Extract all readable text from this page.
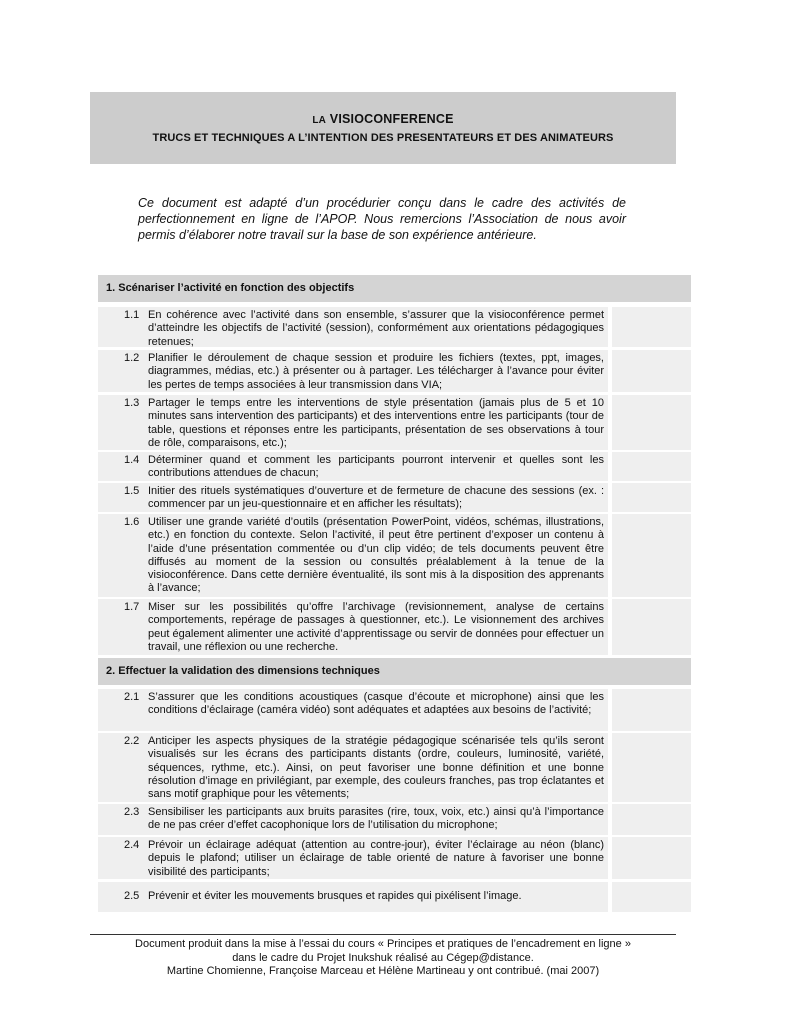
LA VISIOCONFERENCE
TRUCS ET TECHNIQUES A L’INTENTION DES PRESENTATEURS ET DES ANIMATEURS
Ce document est adapté d’un procédurier conçu dans le cadre des activités de perfectionnement en ligne de l’APOP. Nous remercions l’Association de nous avoir permis d’élaborer notre travail sur la base de son expérience antérieure.
1. Scénariser l’activité en fonction des objectifs
1.1 En cohérence avec l’activité dans son ensemble, s’assurer que la visioconférence permet d’atteindre les objectifs de l’activité (session), conformément aux orientations pédagogiques retenues;
1.2 Planifier le déroulement de chaque session et produire les fichiers (textes, ppt, images, diagrammes, médias, etc.) à présenter ou à partager. Les télécharger à l’avance pour éviter les pertes de temps associées à leur transmission dans VIA;
1.3 Partager le temps entre les interventions de style présentation (jamais plus de 5 et 10 minutes sans intervention des participants) et des interventions entre les participants (tour de table, questions et réponses entre les participants, présentation de ses observations à tour de rôle, comparaisons, etc.);
1.4 Déterminer quand et comment les participants pourront intervenir et quelles sont les contributions attendues de chacun;
1.5 Initier des rituels systématiques d’ouverture et de fermeture de chacune des sessions (ex. : commencer par un jeu-questionnaire et en afficher les résultats);
1.6 Utiliser une grande variété d’outils (présentation PowerPoint, vidéos, schémas, illustrations, etc.) en fonction du contexte. Selon l’activité, il peut être pertinent d’exposer un contenu à l’aide d’une présentation commentée ou d’un clip vidéo; de tels documents peuvent être diffusés au moment de la session ou consultés préalablement à la tenue de la visioconférence. Dans cette dernière éventualité, ils sont mis à la disposition des apprenants à l’avance;
1.7 Miser sur les possibilités qu’offre l’archivage (revisionnement, analyse de certains comportements, repérage de passages à questionner, etc.). Le visionnement des archives peut également alimenter une activité d’apprentissage ou servir de données pour effectuer un travail, une réflexion ou une recherche.
2. Effectuer la validation des dimensions techniques
2.1 S’assurer que les conditions acoustiques (casque d’écoute et microphone) ainsi que les conditions d’éclairage (caméra vidéo) sont adéquates et adaptées aux besoins de l’activité;
2.2 Anticiper les aspects physiques de la stratégie pédagogique scénarisée tels qu’ils seront visualisés sur les écrans des participants distants (ordre, couleurs, luminosité, variété, séquences, rythme, etc.). Ainsi, on peut favoriser une bonne définition et une bonne résolution d’image en privilégiant, par exemple, des couleurs franches, pas trop éclatantes et sans motif graphique pour les vêtements;
2.3 Sensibiliser les participants aux bruits parasites (rire, toux, voix, etc.) ainsi qu’à l’importance de ne pas créer d’effet cacophonique lors de l’utilisation du microphone;
2.4 Prévoir un éclairage adéquat (attention au contre-jour), éviter l’éclairage au néon (blanc) depuis le plafond; utiliser un éclairage de table orienté de nature à favoriser une bonne visibilité des participants;
2.5 Prévenir et éviter les mouvements brusques et rapides qui pixélisent l’image.
Document produit dans la mise à l’essai du cours « Principes et pratiques de l’encadrement en ligne »
dans le cadre du Projet Inukshuk réalisé au Cégep@distance.
Martine Chomienne, Françoise Marceau et Hélène Martineau y ont contribué. (mai 2007)
